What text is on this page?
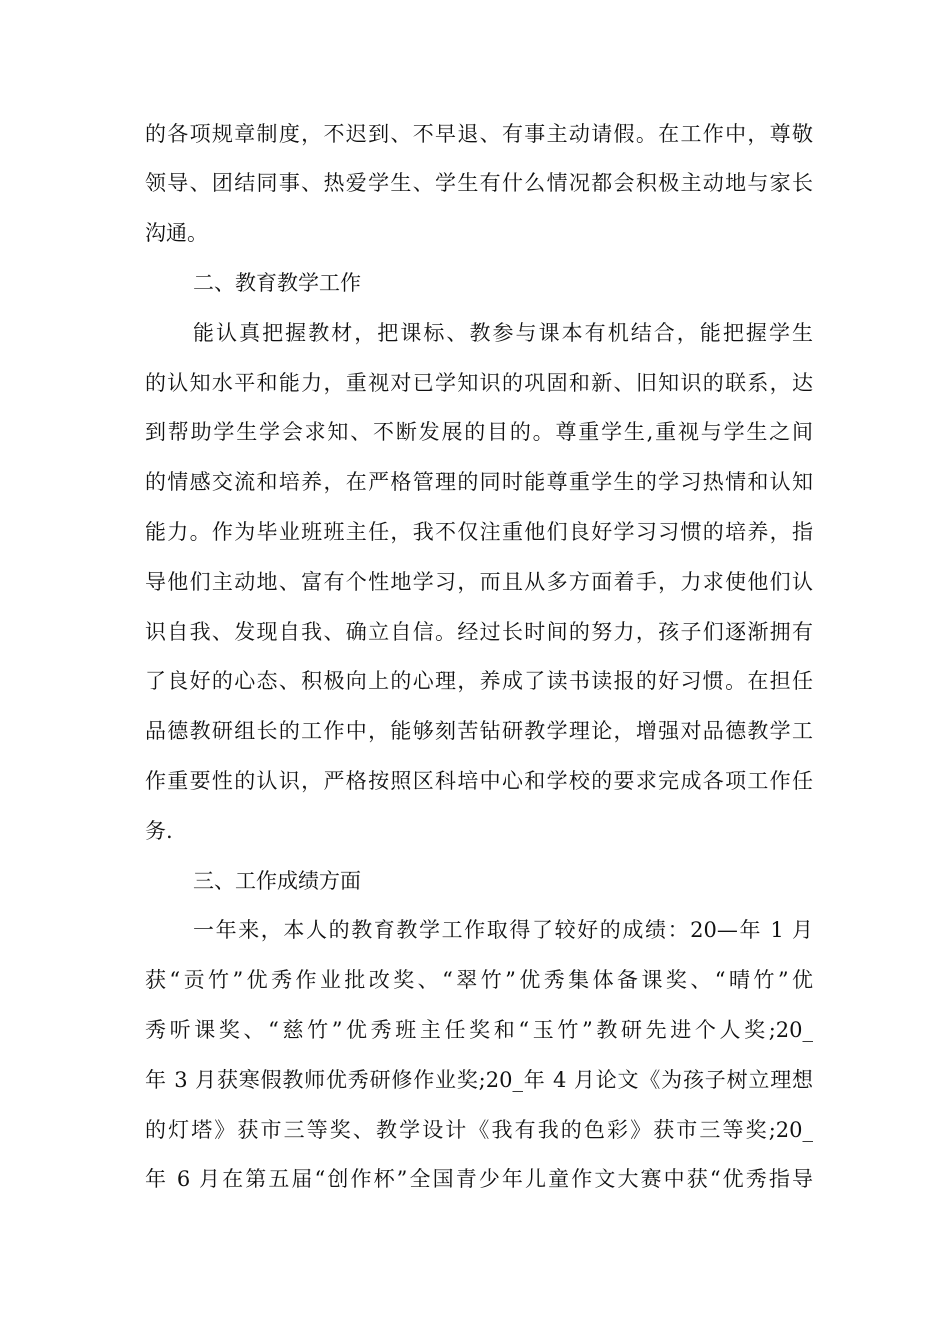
的各项规章制度，不迟到、不早退、有事主动请假。在工作中，尊敬
领导、团结同事、热爱学生、学生有什么情况都会积极主动地与家长
沟通。
二、教育教学工作
能认真把握教材，把课标、教参与课本有机结合，能把握学生
的认知水平和能力，重视对已学知识的巩固和新、旧知识的联系，达
到帮助学生学会求知、不断发展的目的。尊重学生,重视与学生之间
的情感交流和培养，在严格管理的同时能尊重学生的学习热情和认知
能力。作为毕业班班主任，我不仅注重他们良好学习习惯的培养，指
导他们主动地、富有个性地学习，而且从多方面着手，力求使他们认
识自我、发现自我、确立自信。经过长时间的努力，孩子们逐渐拥有
了良好的心态、积极向上的心理，养成了读书读报的好习惯。在担任
品德教研组长的工作中，能够刻苦钻研教学理论，增强对品德教学工
作重要性的认识，严格按照区科培中心和学校的要求完成各项工作任
务.
三、工作成绩方面
一年来，本人的教育教学工作取得了较好的成绩：20—年 1 月
获“贡竹”优秀作业批改奖、“翠竹”优秀集体备课奖、“晴竹”优
秀听课奖、“慈竹”优秀班主任奖和“玉竹”教研先进个人奖;20_
年 3 月获寒假教师优秀研修作业奖;20_年 4 月论文《为孩子树立理想
的灯塔》获市三等奖、教学设计《我有我的色彩》获市三等奖;20_
年 6 月在第五届“创作杯”全国青少年儿童作文大赛中获“优秀指导
